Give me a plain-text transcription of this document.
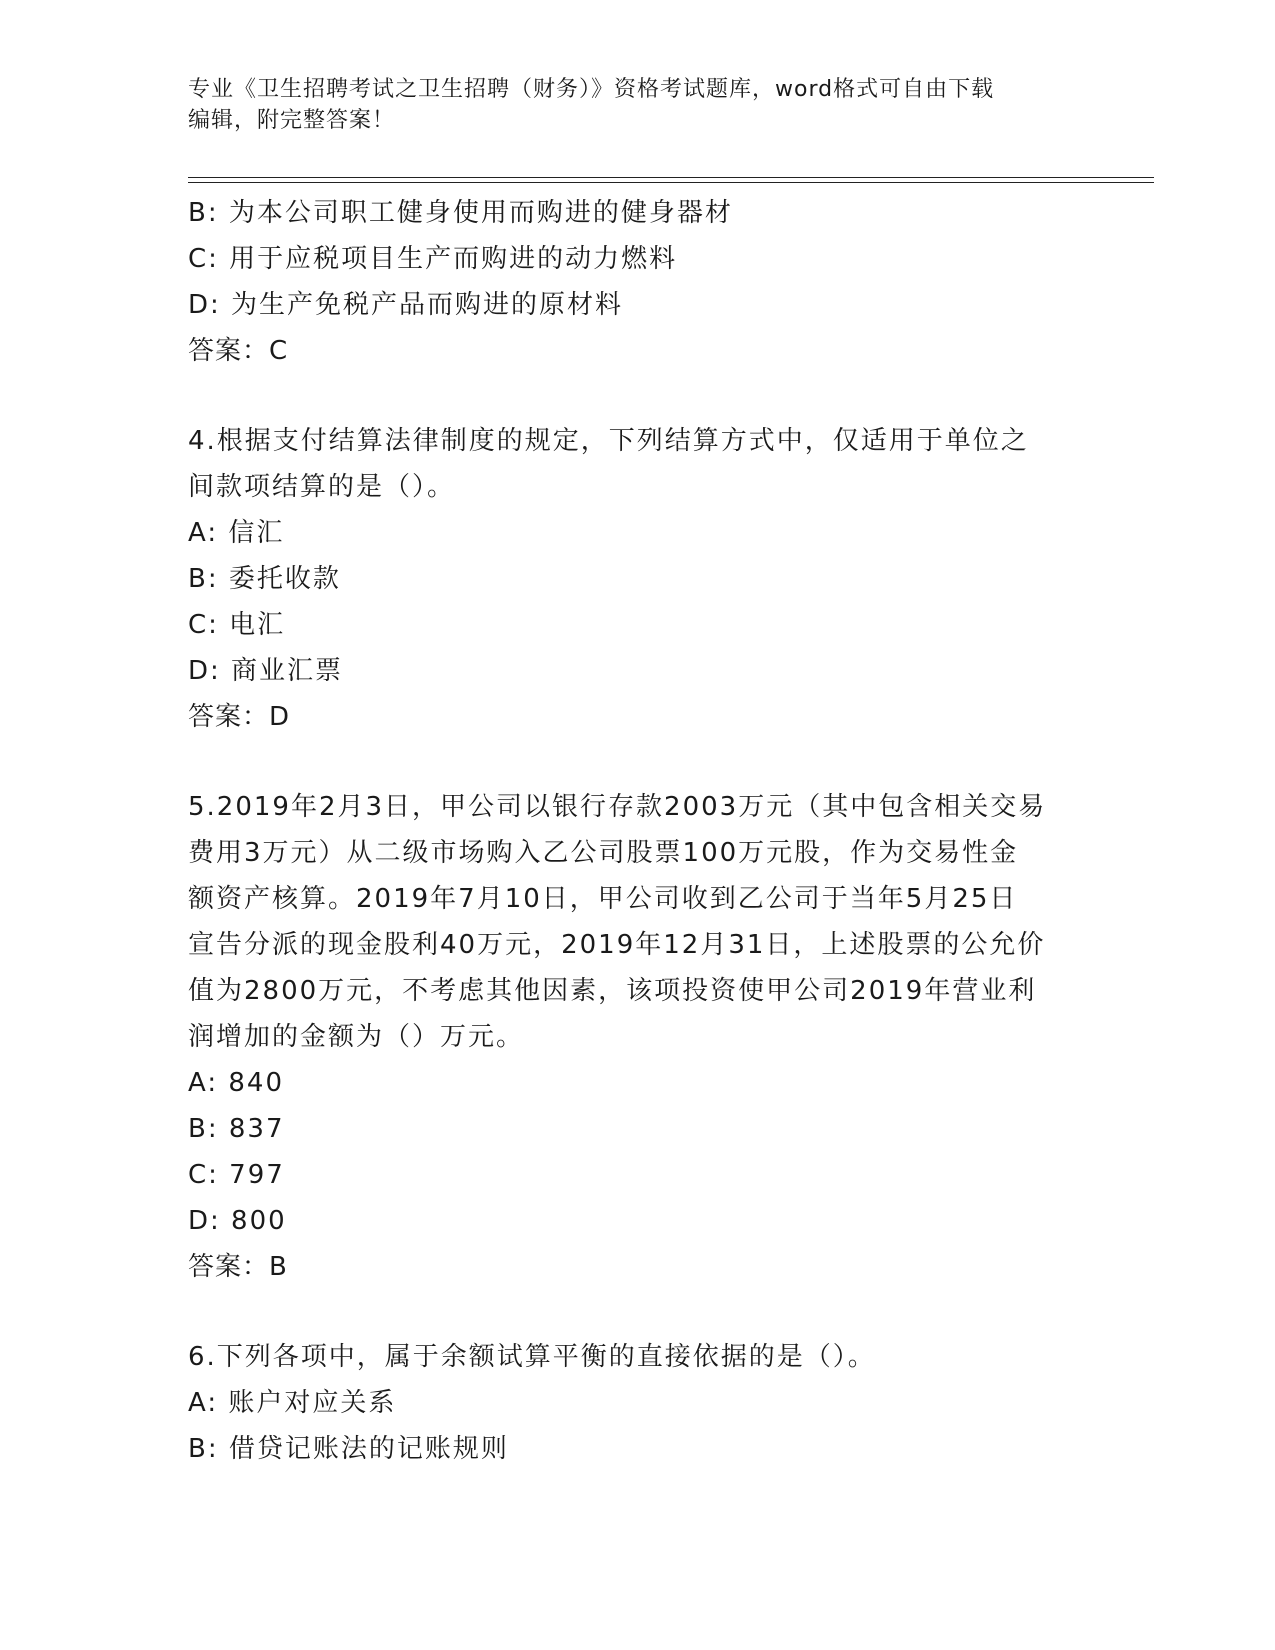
专业《卫生招聘考试之卫生招聘（财务）》资格考试题库，word格式可自由下载
编辑，附完整答案！
B: 为本公司职工健身使用而购进的健身器材
C: 用于应税项目生产而购进的动力燃料
D: 为生产免税产品而购进的原材料
答案：C
4.根据支付结算法律制度的规定，下列结算方式中，仅适用于单位之
间款项结算的是（）。
A: 信汇
B: 委托收款
C: 电汇
D: 商业汇票
答案：D
5.2019年2月3日，甲公司以银行存款2003万元（其中包含相关交易
费用3万元）从二级市场购入乙公司股票100万元股，作为交易性金
额资产核算。2019年7月10日，甲公司收到乙公司于当年5月25日
宣告分派的现金股利40万元，2019年12月31日，上述股票的公允价
值为2800万元，不考虑其他因素，该项投资使甲公司2019年营业利
润增加的金额为（）万元。
A: 840
B: 837
C: 797
D: 800
答案：B
6.下列各项中，属于余额试算平衡的直接依据的是（）。
A: 账户对应关系
B: 借贷记账法的记账规则
